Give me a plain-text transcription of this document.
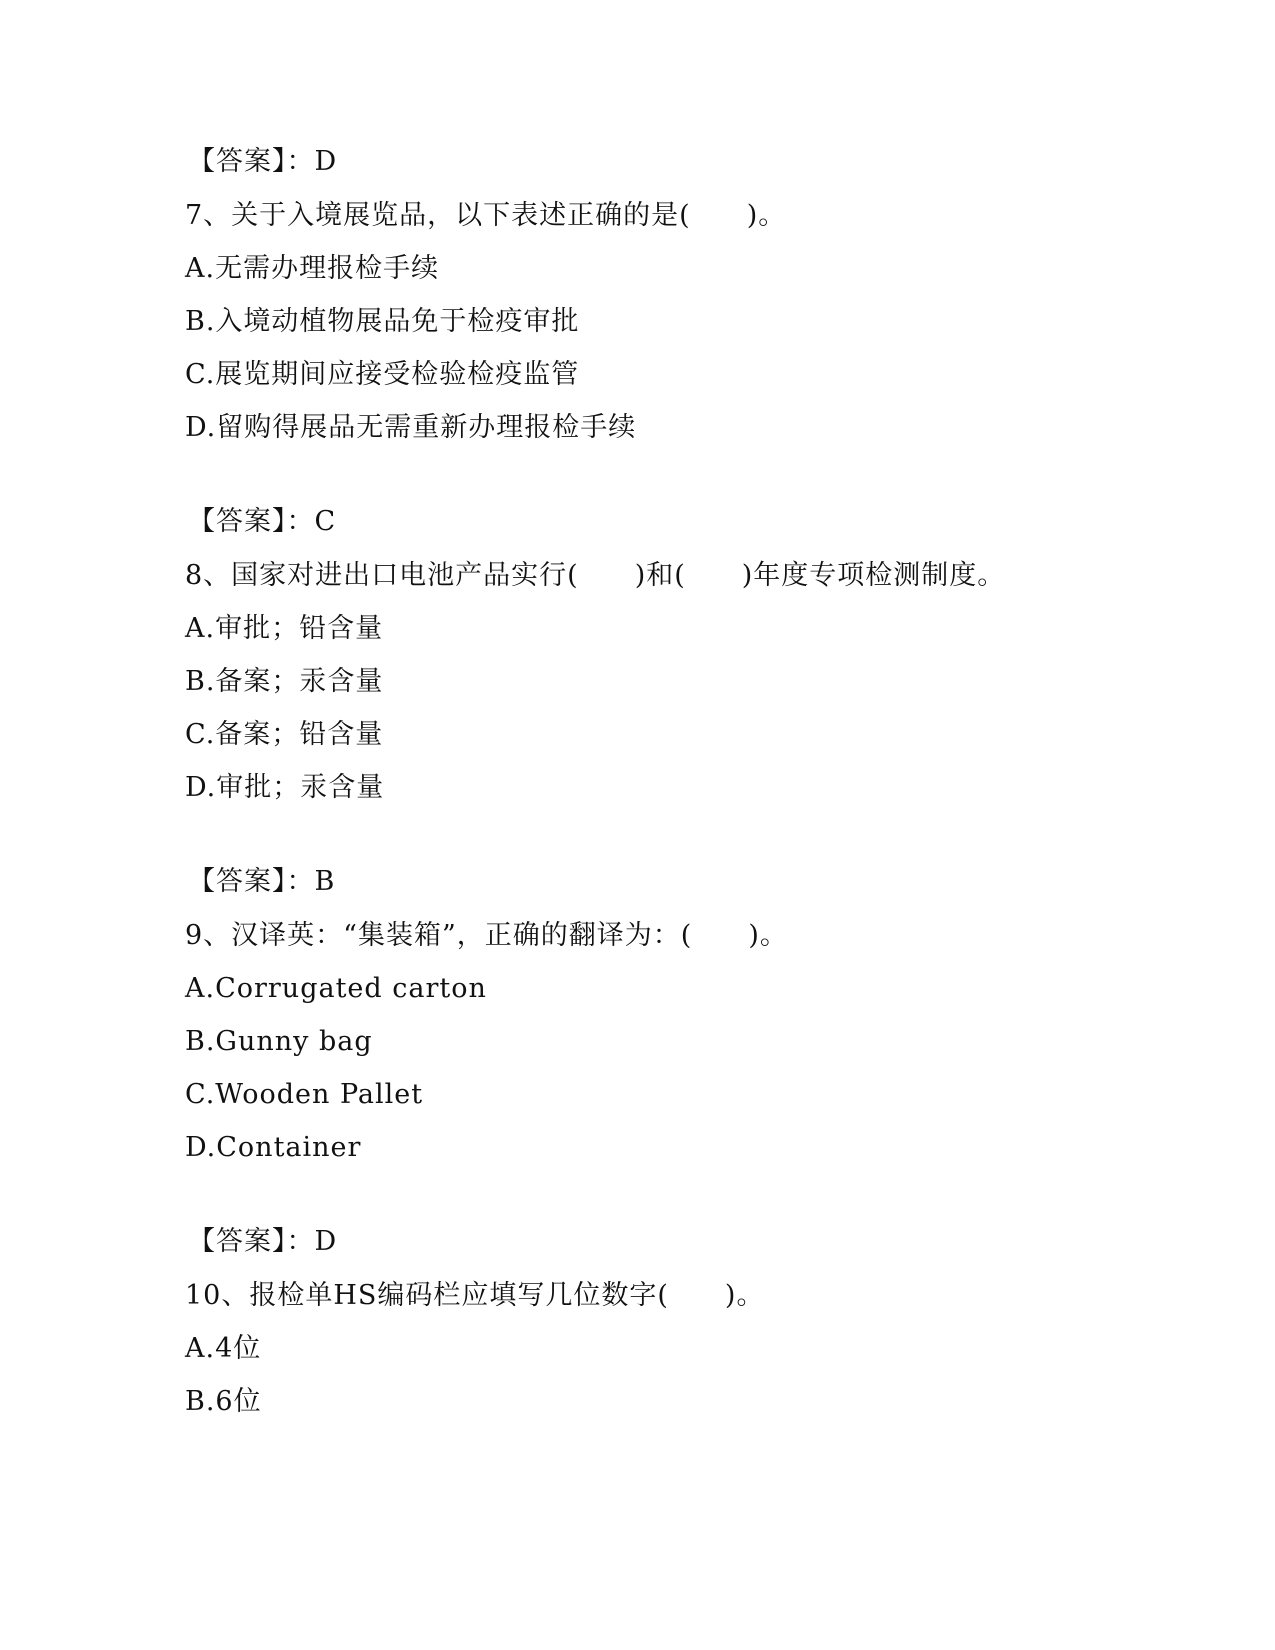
【答案】：D
7、关于入境展览品，以下表述正确的是(　　)。
A.无需办理报检手续
B.入境动植物展品免于检疫审批
C.展览期间应接受检验检疫监管
D.留购得展品无需重新办理报检手续
【答案】：C
8、国家对进出口电池产品实行(　　)和(　　)年度专项检测制度。
A.审批；铅含量
B.备案；汞含量
C.备案；铅含量
D.审批；汞含量
【答案】：B
9、汉译英：“集装箱”，正确的翻译为：(　　)。
A.Corrugated carton
B.Gunny bag
C.Wooden Pallet
D.Container
【答案】：D
10、报检单HS编码栏应填写几位数字(　　)。
A.4位
B.6位
